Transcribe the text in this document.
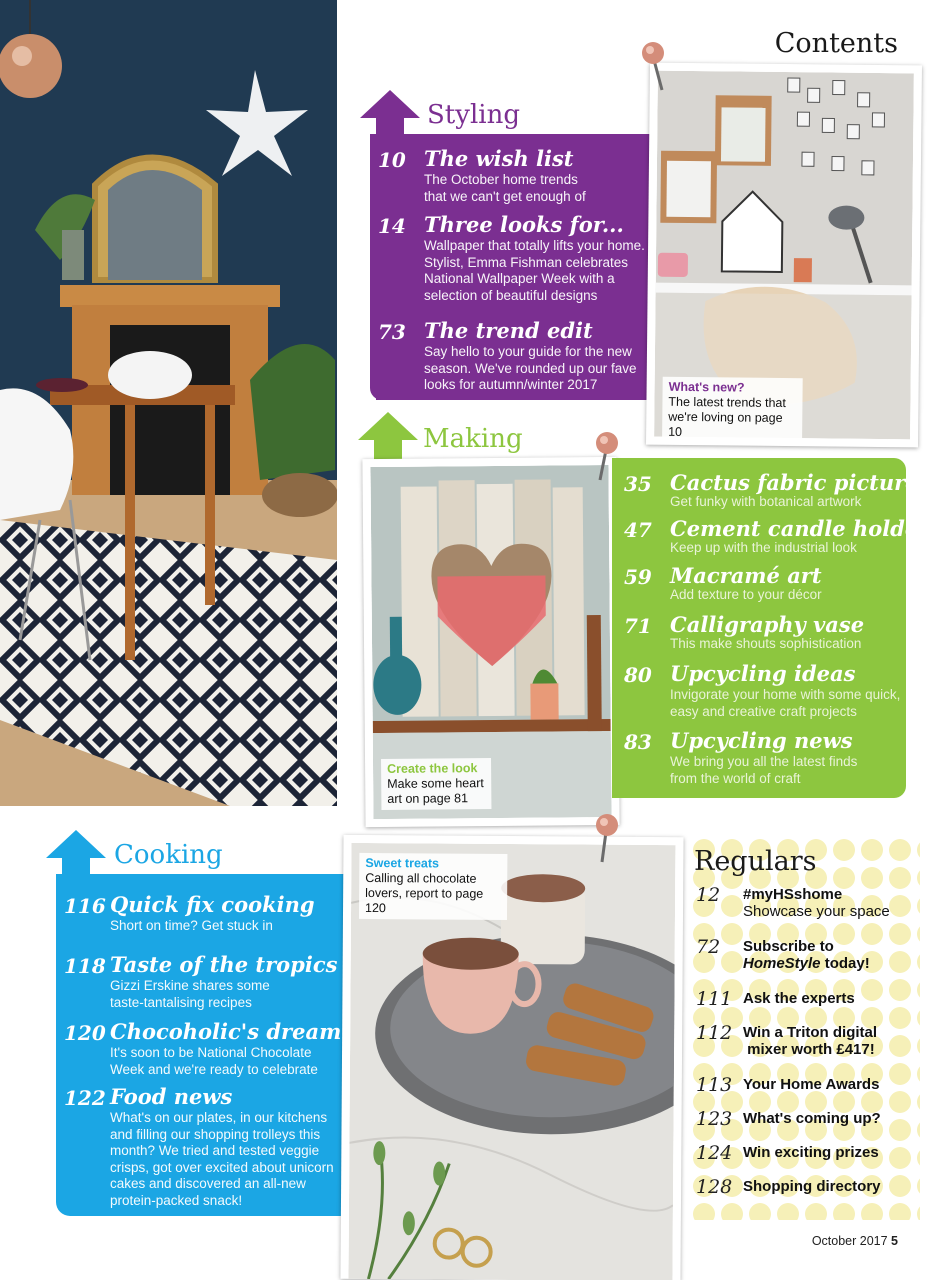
Contents
Styling
10 The wish list
The October home trends that we can't get enough of
14 Three looks for...
Wallpaper that totally lifts your home. Stylist, Emma Fishman celebrates National Wallpaper Week with a selection of beautiful designs
73 The trend edit
Say hello to your guide for the new season. We've rounded up our fave looks for autumn/winter 2017	What's new?
The latest trends that we're loving on page 10
Making
Create the look
Make some heart art on page 81
35 Cactus fabric picture
Get funky with botanical artwork
47 Cement candle holder
Keep up with the industrial look
59 Macramé art
Add texture to your décor
71 Calligraphy vase
This make shouts sophistication
80 Upcycling ideas
Invigorate your home with some quick, easy and creative craft projects
83 Upcycling news
We bring you all the latest finds from the world of craft
Cooking
116 Quick fix cooking
Short on time? Get stuck in
118 Taste of the tropics
Gizzi Erskine shares some taste-tantalising recipes
120 Chocoholic's dream
It's soon to be National Chocolate Week and we're ready to celebrate
122 Food news
What's on our plates, in our kitchens and filling our shopping trolleys this month? We tried and tested veggie crisps, got over excited about unicorn cakes and discovered an all-new protein-packed snack!
Sweet treats
Calling all chocolate lovers, report to page 120
Regulars
12 #myHSshome
Showcase your space
72 Subscribe to
HomeStyle today!
111 Ask the experts
112 Win a Triton digital
mixer worth £417!
113 Your Home Awards
123 What's coming up?
124 Win exciting prizes
128 Shopping directory
October 2017 5
